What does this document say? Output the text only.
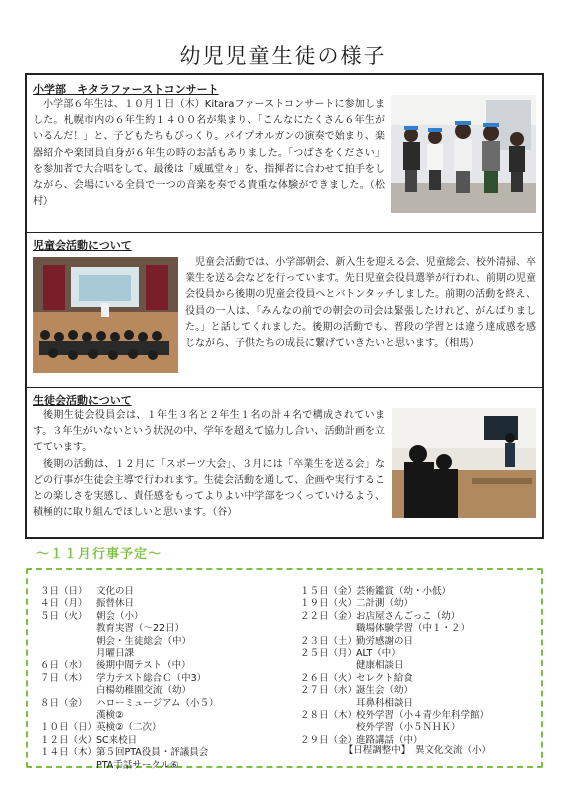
幼児児童生徒の様子
小学部　キタラファーストコンサート

小学部６年生は、１０月１日（木）Kitaraファーストコンサートに参加しました。札幌市内の６年生約１４００名が集まり、「こんなにたくさん６年生がいるんだ！」と、子どもたちもびっくり。パイプオルガンの演奏で始まり、楽器紹介や楽団員自身が６年生の時のお話もありました。「つばさをください」を参加者で大合唱をして、最後は「威風堂々」を、指揮者に合わせて拍手をしながら、会場にいる全員で一つの音楽を奏でる貴重な体験ができました。（松村）

児童会活動について

児童会活動では、小学部朝会、新入生を迎える会、児童総会、校外清掃、卒業生を送る会などを行っています。先日児童会役員選挙が行われ、前期の児童会役員から後期の児童会役員へとバトンタッチしました。前期の活動を終え、役員の一人は、「みんなの前での朝会の司会は緊張したけれど、がんばりました。」と話してくれました。後期の活動でも、普段の学習とは違う達成感を感じながら、子供たちの成長に繋げていきたいと思います。（相馬）

生徒会活動について

後期生徒会役員会は、１年生３名と２年生１名の計４名で構成されています。３年生がいないという状況の中、学年を超えて協力し合い、活動計画を立てています。

後期の活動は、１２月に「スポーツ大会」、３月には「卒業生を送る会」などの行事が生徒会主導で行われます。生徒会活動を通して、企画や実行することの楽しさを実感し、責任感をもってよりよい中学部をつくっていけるよう、積極的に取り組んでほしいと思います。（谷）

～１１月行事予定～
３日（日） 文化の日
４日（月） 振替休日
５日（火） 朝会（小）
教育実習（～22日）
朝会・生徒総会（中）
月曜日課
６日（水） 後期中間テスト（中）
７日（木） 学力テスト総合Ｃ（中3）
白楊幼稚園交流（幼）
８日（金） ハローミュージアム（小５）
漢検②
１０日（日）
英検②（二次）
１２日（火）
SC来校日
１４日（木）
第５回PTA役員・評議員会
PTA手話サークル⑥
１５日（金）
芸術鑑賞（幼・小低）
１９日（火）
二計測（幼）
２２日（金）
お店屋さんごっこ（幼）
職場体験学習（中１・２）
２３日（土）
勤労感謝の日
２５日（月）
ALT（中）
健康相談日
２６日（火）
セレクト給食
２７日（水）
誕生会（幼）
耳鼻科相談日
２８日（木）
校外学習（小４青少年科学館）
校外学習（小５ＮＨＫ）
２９日（金）
進路講話（中）
【日程調整中】　異文化交流（小）
